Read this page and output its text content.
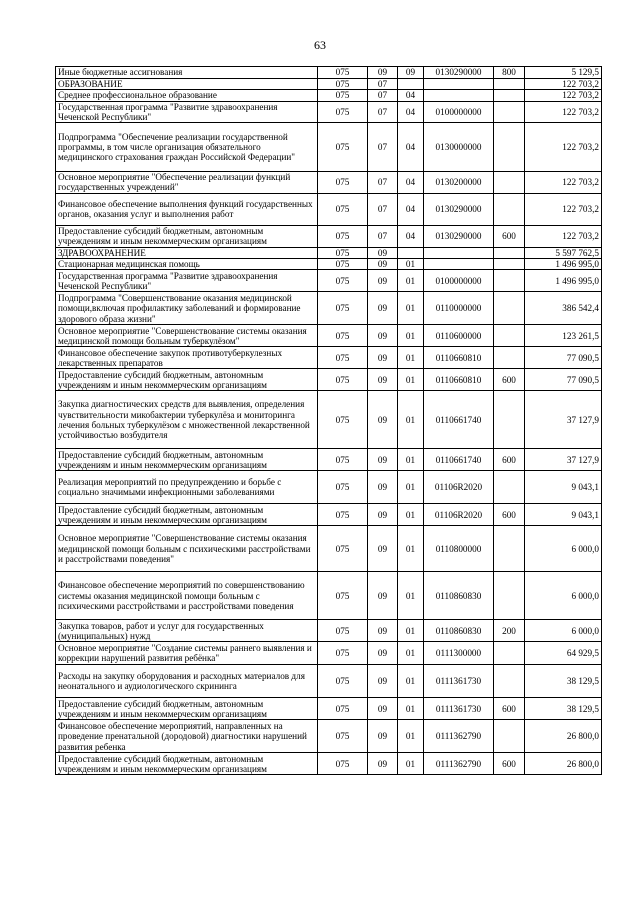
63
Иные бюджетные ассигнования	075	09	09	0130290000	800	5 129,5
ОБРАЗОВАНИЕ	075	07				122 703,2
Среднее профессиональное образование	075	07	04			122 703,2
Государственная программа "Развитие здравоохранения Чеченской Республики"	075	07	04	0100000000		122 703,2
Подпрограмма "Обеспечение реализации государственной программы, в том числе организация обязательного медицинского страхования граждан Российской Федерации"	075	07	04	0130000000		122 703,2
Основное мероприятие "Обеспечение реализации функций государственных учреждений"	075	07	04	0130200000		122 703,2
Финансовое обеспечение выполнения функций государственных органов, оказания услуг и выполнения работ	075	07	04	0130290000		122 703,2
Предоставление субсидий бюджетным, автономным учреждениям и иным некоммерческим организациям	075	07	04	0130290000	600	122 703,2
ЗДРАВООХРАНЕНИЕ	075	09				5 597 762,5
Стационарная медицинская помощь	075	09	01			1 496 995,0
Государственная программа "Развитие здравоохранения Чеченской Республики"	075	09	01	0100000000		1 496 995,0
Подпрограмма "Совершенствование оказания медицинской помощи,включая профилактику заболеваний и формирование здорового образа жизни"	075	09	01	0110000000		386 542,4
Основное мероприятие "Совершенствование системы оказания медицинской помощи больным туберкулёзом"	075	09	01	0110600000		123 261,5
Финансовое обеспечение закупок противотуберкулезных лекарственных препаратов	075	09	01	0110660810		77 090,5
Предоставление субсидий бюджетным, автономным учреждениям и иным некоммерческим организациям	075	09	01	0110660810	600	77 090,5
Закупка диагностических средств для выявления, определения чувствительности микобактерии туберкулёза и мониторинга лечения больных туберкулёзом с множественной лекарственной устойчивостью возбудителя	075	09	01	0110661740		37 127,9
Предоставление субсидий бюджетным, автономным учреждениям и иным некоммерческим организациям	075	09	01	0110661740	600	37 127,9
Реализация мероприятий по предупреждению и борьбе с социально значимыми инфекционными заболеваниями	075	09	01	01106R2020		9 043,1
Предоставление субсидий бюджетным, автономным учреждениям и иным некоммерческим организациям	075	09	01	01106R2020	600	9 043,1
Основное мероприятие "Совершенствование системы оказания медицинской помощи больным с психическими расстройствами и расстройствами поведения"	075	09	01	0110800000		6 000,0
Финансовое обеспечение мероприятий по совершенствованию системы оказания медицинской помощи больным с психическими расстройствами и расстройствами поведения	075	09	01	0110860830		6 000,0
Закупка товаров, работ и услуг для государственных (муниципальных) нужд	075	09	01	0110860830	200	6 000,0
Основное мероприятие "Создание системы раннего выявления и коррекции нарушений развития ребёнка"	075	09	01	0111300000		64 929,5
Расходы на закупку оборудования и расходных материалов для неонатального и аудиологического скрининга	075	09	01	0111361730		38 129,5
Предоставление субсидий бюджетным, автономным учреждениям и иным некоммерческим организациям	075	09	01	0111361730	600	38 129,5
Финансовое обеспечение мероприятий, направленных на проведение пренатальной (дородовой) диагностики нарушений развития ребенка	075	09	01	0111362790		26 800,0
Предоставление субсидий бюджетным, автономным учреждениям и иным некоммерческим организациям	075	09	01	0111362790	600	26 800,0
